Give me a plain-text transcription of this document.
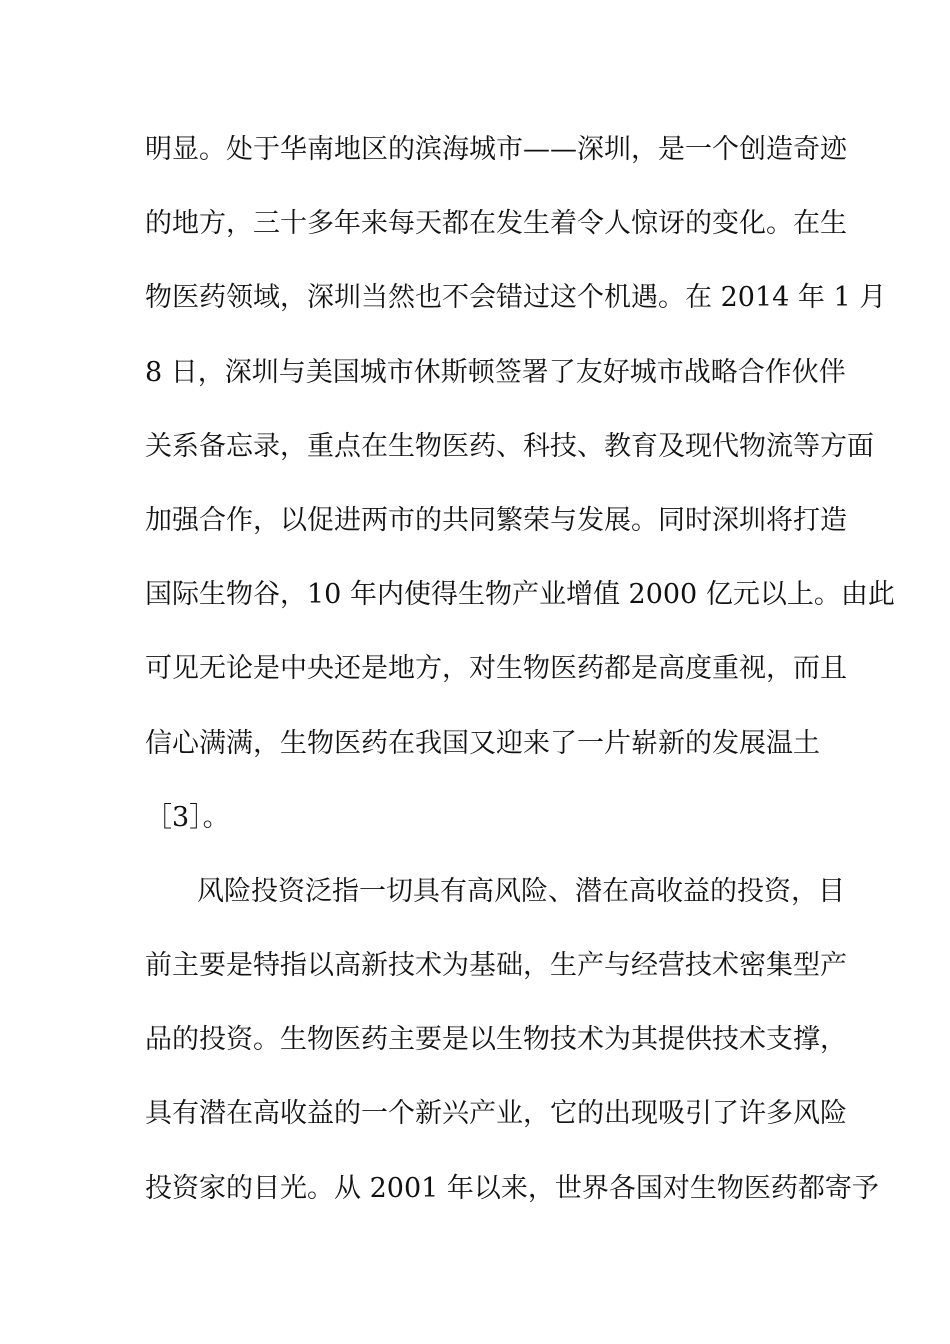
明显。处于华南地区的滨海城市——深圳，是一个创造奇迹
的地方，三十多年来每天都在发生着令人惊讶的变化。在生
物医药领域，深圳当然也不会错过这个机遇。在 2014 年 1 月
8 日，深圳与美国城市休斯顿签署了友好城市战略合作伙伴
关系备忘录，重点在生物医药、科技、教育及现代物流等方面
加强合作，以促进两市的共同繁荣与发展。同时深圳将打造
国际生物谷，10 年内使得生物产业增值 2000 亿元以上。由此
可见无论是中央还是地方，对生物医药都是高度重视，而且
信心满满，生物医药在我国又迎来了一片崭新的发展温土
［3］。
风险投资泛指一切具有高风险、潜在高收益的投资，目
前主要是特指以高新技术为基础，生产与经营技术密集型产
品的投资。生物医药主要是以生物技术为其提供技术支撑，
具有潜在高收益的一个新兴产业，它的出现吸引了许多风险
投资家的目光。从 2001 年以来，世界各国对生物医药都寄予
